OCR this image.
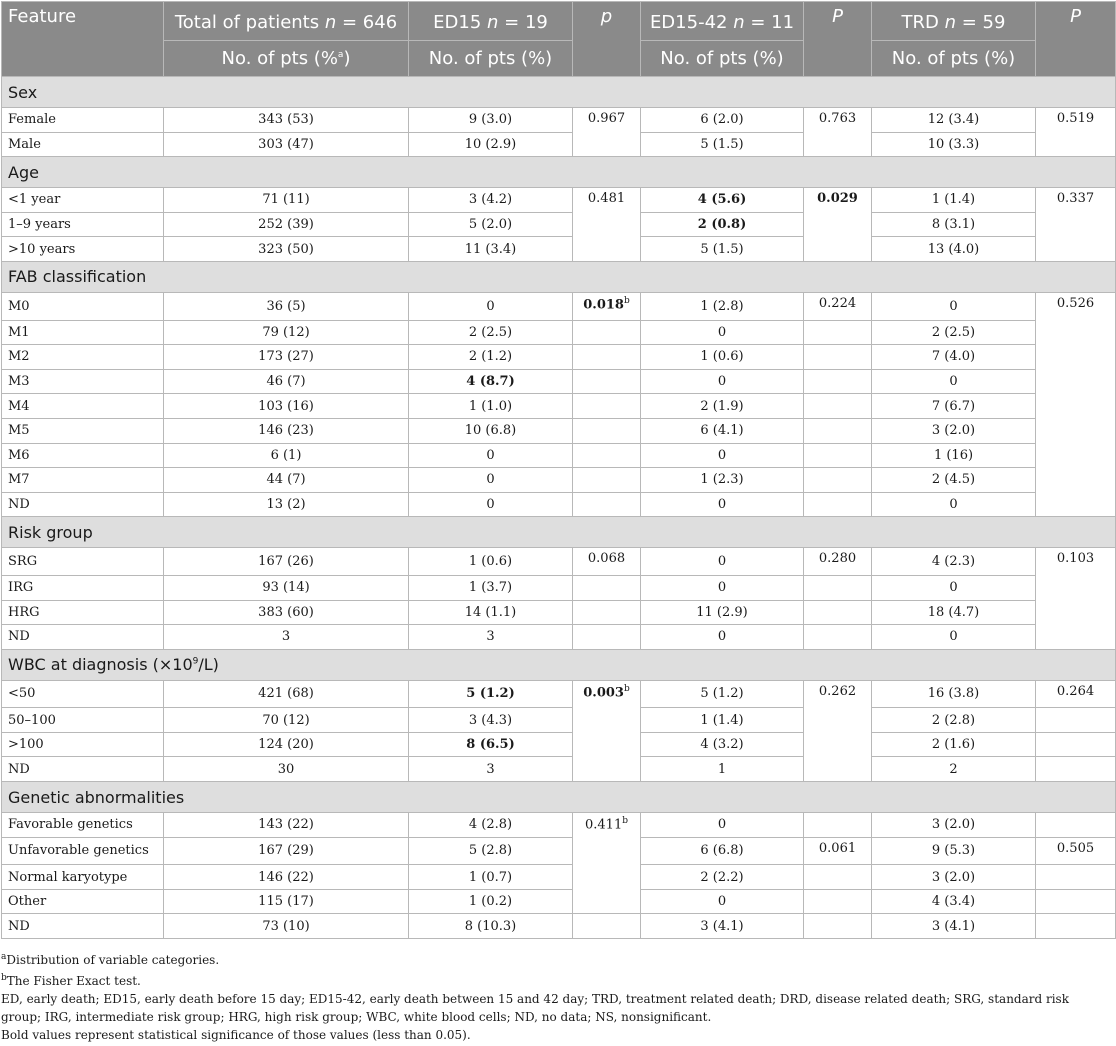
Feature	Total of patients n = 646	ED15 n = 19	p	ED15-42 n = 11	P	TRD n = 59	P
	No. of pts (%$^a$)	No. of pts (%)		No. of pts (%)		No. of pts (%)	
Sex							
Female	343 (53)	9 (3.0)	0.967	6 (2.0)	0.763	12 (3.4)	0.519
Male	303 (47)	10 (2.9)		5 (1.5)		10 (3.3)	
Age							
<1 year	71 (11)	3 (4.2)	0.481	4 (5.6)	0.029	1 (1.4)	0.337
1–9 years	252 (39)	5 (2.0)		2 (0.8)		8 (3.1)	
>10 years	323 (50)	11 (3.4)		5 (1.5)		13 (4.0)	
FAB classification							
M0	36 (5)	0	0.018$^b$	1 (2.8)	0.224	0	0.526
M1	79 (12)	2 (2.5)		0		2 (2.5)	
M2	173 (27)	2 (1.2)		1 (0.6)		7 (4.0)	
M3	46 (7)	4 (8.7)		0		0	
M4	103 (16)	1 (1.0)		2 (1.9)		7 (6.7)	
M5	146 (23)	10 (6.8)		6 (4.1)		3 (2.0)	
M6	6 (1)	0		0		1 (16)	
M7	44 (7)	0		1 (2.3)		2 (4.5)	
ND	13 (2)	0		0		0	
Risk group							
SRG	167 (26)	1 (0.6)	0.068	0	0.280	4 (2.3)	0.103
IRG	93 (14)	1 (3.7)		0		0	
HRG	383 (60)	14 (1.1)		11 (2.9)		18 (4.7)	
ND	3	3		0		0	
WBC at diagnosis $(\times 10^9/L)$							
<50	421 (68)	5 (1.2)	0.003$^b$	5 (1.2)	0.262	16 (3.8)	0.264
50–100	70 (12)	3 (4.3)		1 (1.4)		2 (2.8)	
>100	124 (20)	8 (6.5)		4 (3.2)		2 (1.6)	
ND	30	3		1		2	
Genetic abnormalities							
Favorable genetics	143 (22)	4 (2.8)	0.411$^b$	0		3 (2.0)	
Unfavorable genetics	167 (29)	5 (2.8)		6 (6.8)	0.061	9 (5.3)	0.505
Normal karyotype	146 (22)	1 (0.7)		2 (2.2)		3 (2.0)	
Other	115 (17)	1 (0.2)		0		4 (3.4)	
ND	73 (10)	8 (10.3)		3 (4.1)		3 (4.1)	
$^a$Distribution of variable categories.
$^b$The Fisher Exact test.
ED, early death; ED15, early death before 15 day; ED15-42, early death between 15 and 42 day; TRD, treatment related death; DRD, disease related death; SRG, standard risk group; IRG, intermediate risk group; HRG, high risk group; WBC, white blood cells; ND, no data; NS, nonsignificant.
Bold values represent statistical significance of those values (less than 0.05).
